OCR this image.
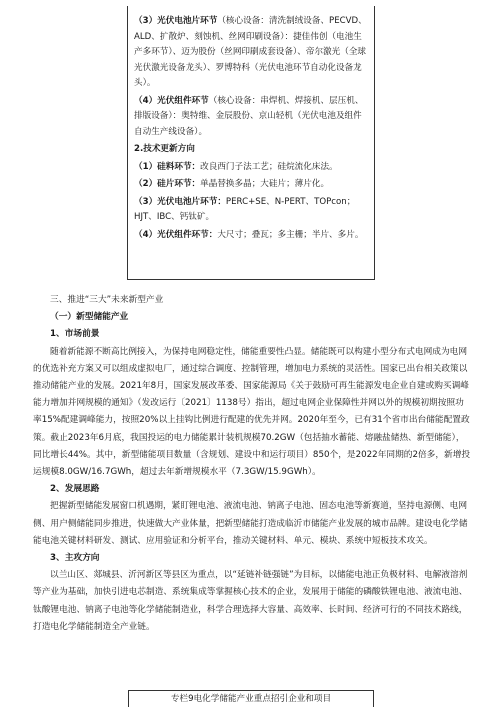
（3）光伏电池片环节（核心设备：清洗制绒设备、PECVD、ALD、扩散炉、刻蚀机、丝网印刷设备）：捷佳伟创（电池生产多环节）、迈为股份（丝网印刷成套设备）、帝尔激光（全球光伏激光设备龙头）、罗博特科（光伏电池环节自动化设备龙头）。

（4）光伏组件环节（核心设备：串焊机、焊接机、层压机、排版设备）：奥特维、金辰股份、京山轻机（光伏电池及组件自动生产线设备）。

2.技术更新方向

（1）硅料环节：改良西门子法工艺；硅烷流化床法。

（2）硅片环节：单晶替换多晶；大硅片；薄片化。

（3）光伏电池片环节：PERC+SE、N-PERT、TOPcon；HJT、IBC、钙钛矿。

（4）光伏组件环节：大尺寸；叠瓦；多主栅；半片、多片。

三、推进“三大”未来新型产业

（一）新型储能产业

1、市场前景

随着新能源不断高比例接入，为保持电网稳定性，储能重要性凸显。储能既可以构建小型分布式电网成为电网的优选补充方案又可以组成虚拟电厂，通过综合调度、控制管理，增加电力系统的灵活性。国家已出台相关政策以推动储能产业的发展。2021年8月，国家发展改革委、国家能源局《关于鼓励可再生能源发电企业自建或购买调峰能力增加并网规模的通知》（发改运行〔2021〕1138号）指出，超过电网企业保障性并网以外的规模初期按照功率15%配建调峰能力，按照20%以上挂钩比例进行配建的优先并网。2020年至今，已有31个省市出台储能配置政策。截止2023年6月底，我国投运的电力储能累计装机规模70.2GW（包括抽水蓄能、熔融盐储热、新型储能），同比增长44%。其中，新型储能项目数量（含规划、建设中和运行项目）850个，是2022年同期的2倍多，新增投运规模8.0GW/16.7GWh，超过去年新增规模水平（7.3GW/15.9GWh）。

2、发展思路

把握新型储能发展窗口机遇期，紧盯锂电池、液流电池、钠离子电池、固态电池等新赛道，坚持电源侧、电网侧、用户侧储能同步推进，快速做大产业体量，把新型储能打造成临沂市储能产业发展的城市品牌。建设电化学储能电池关键材料研发、测试、应用验证和分析平台，推动关键材料、单元、模块、系统中短板技术攻关。

3、主攻方向

以兰山区、郯城县、沂河新区等县区为重点，以“延链补链强链”为目标，以储能电池正负极材料、电解液溶剂等产业为基础，加快引进电芯制造、系统集成等掌握核心技术的企业，发展用于储能的磷酸铁锂电池、液流电池、钛酸锂电池、钠离子电池等化学储能制造业，科学合理选择大容量、高效率、长时间、经济可行的不同技术路线，打造电化学储能制造全产业链。

专栏9电化学储能产业重点招引企业和项目
